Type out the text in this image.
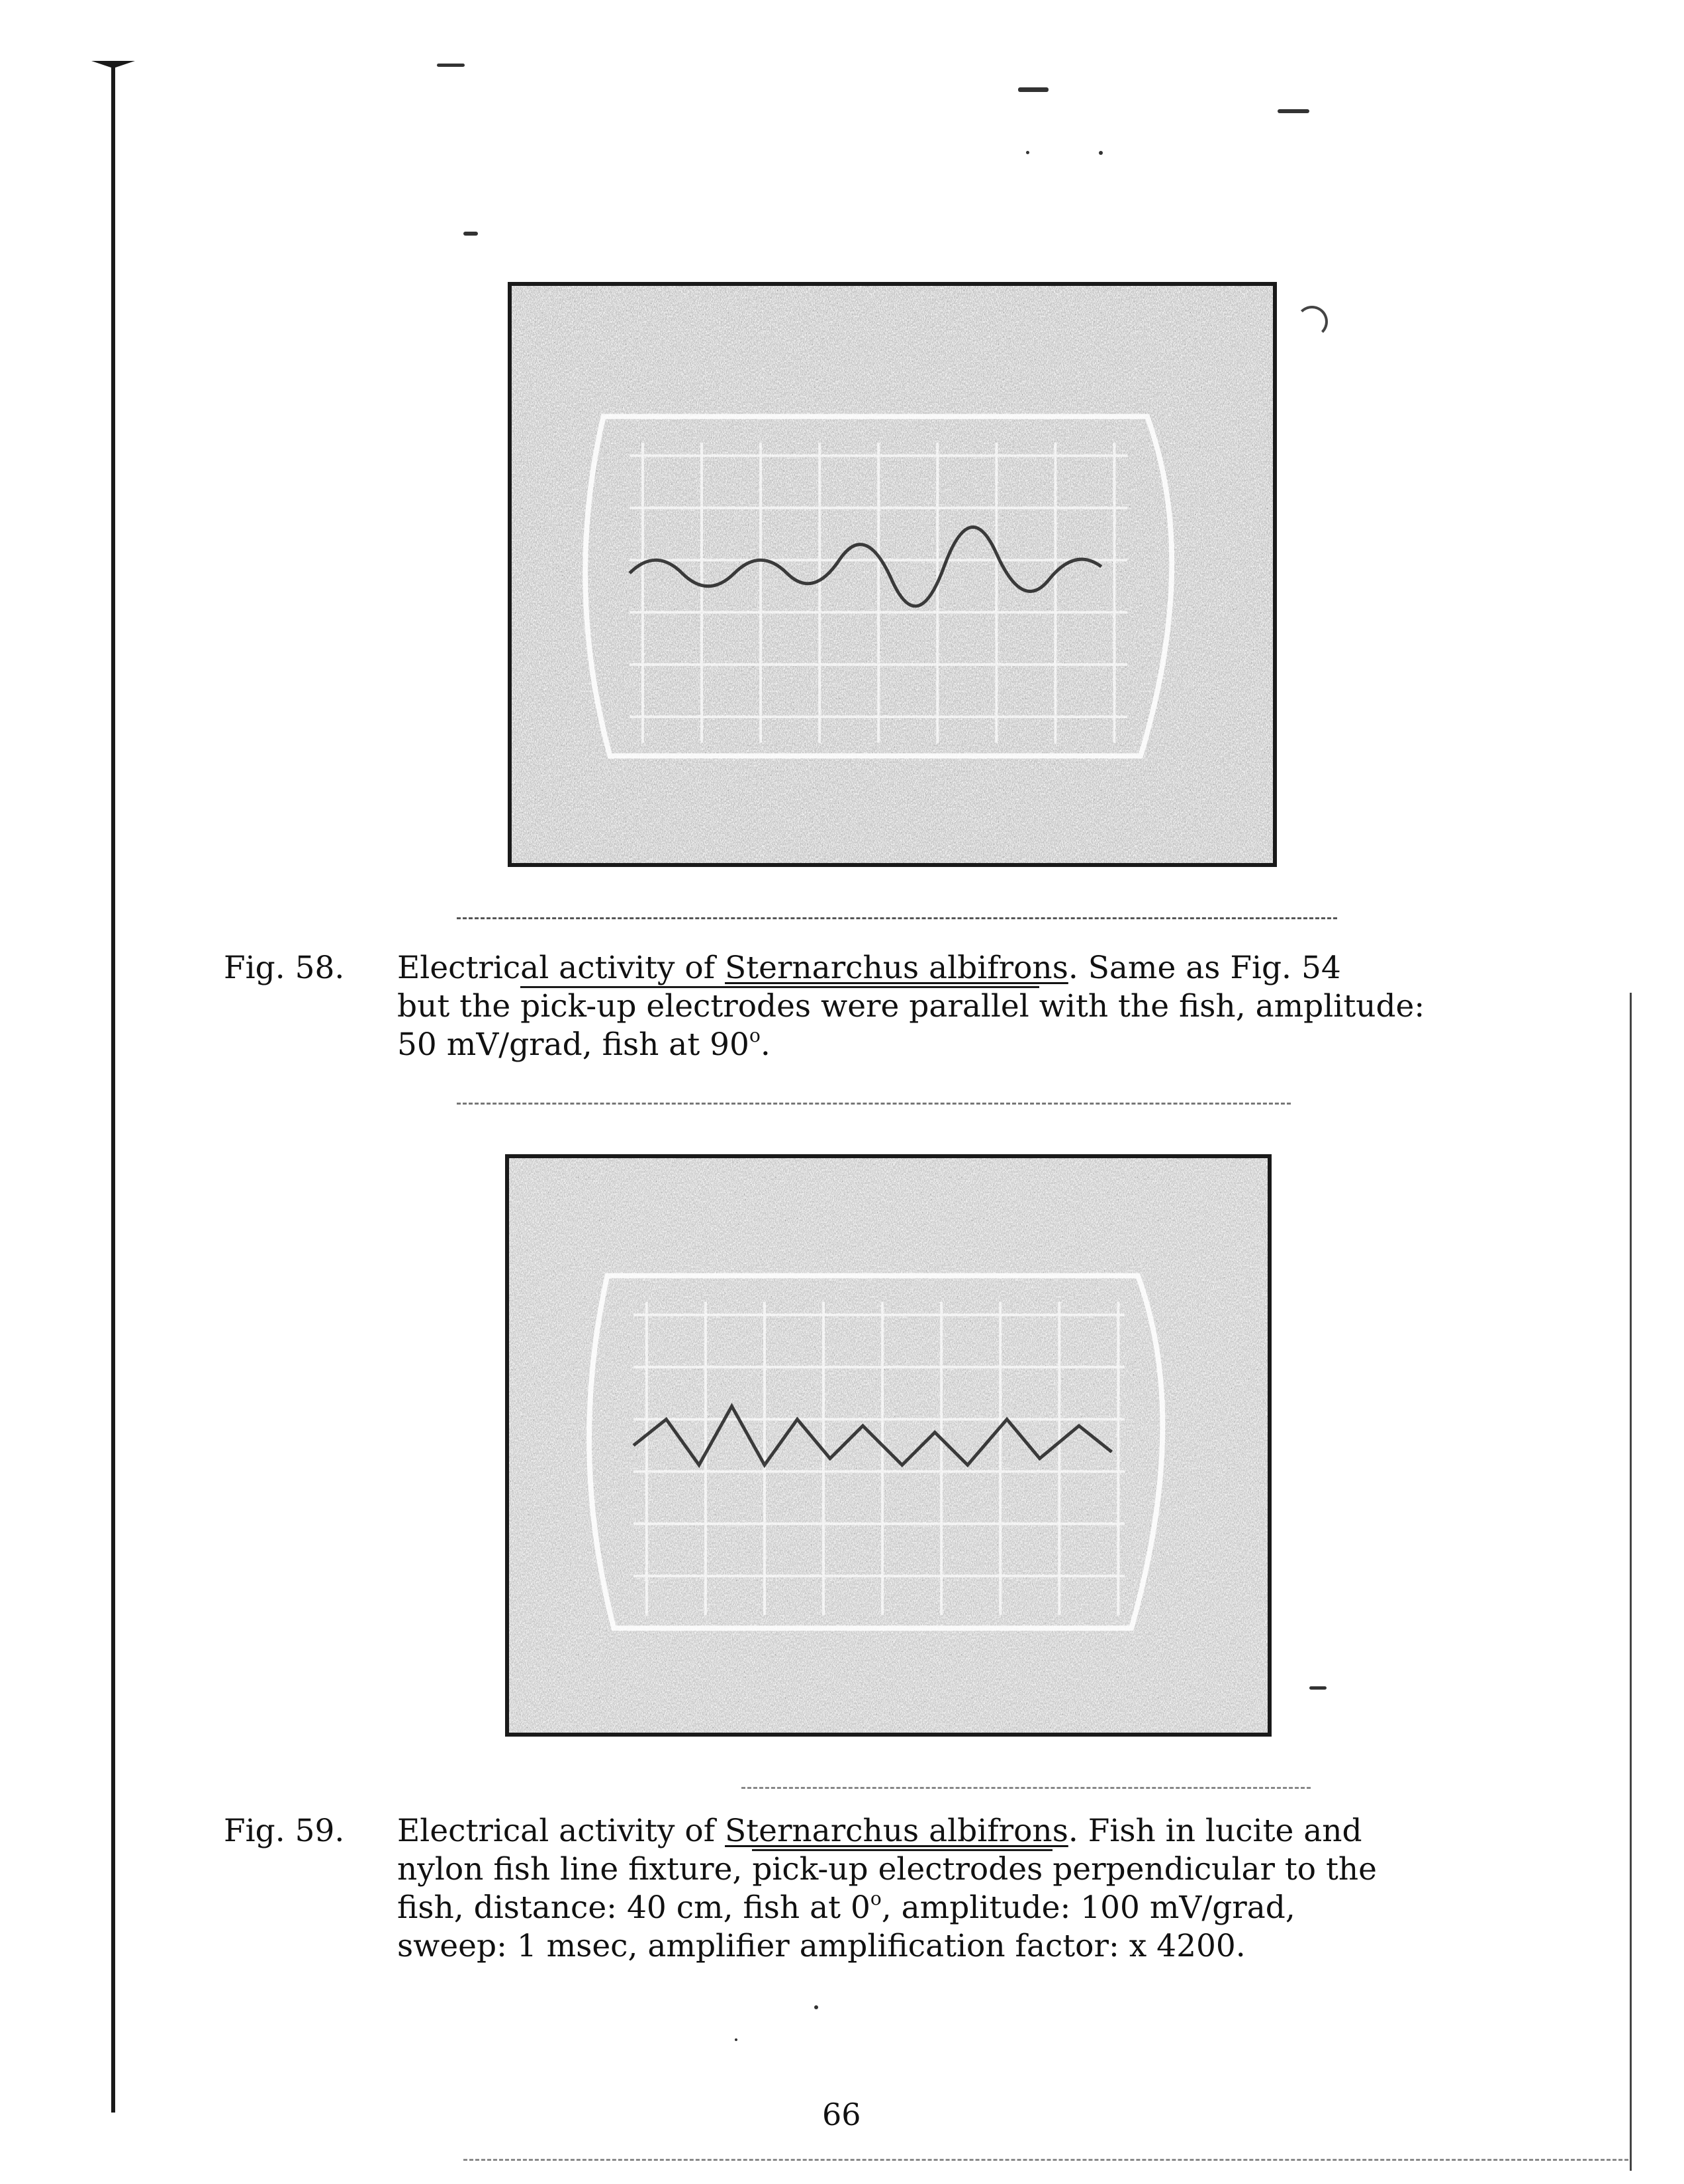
Fig. 58. Electrical activity of Sternarchus albifrons. Same as Fig. 54
but the pick-up electrodes were parallel with the fish, amplitude:
50 mV/grad, fish at 90$^o$.
Fig. 59. Electrical activity of Sternarchus albifrons. Fish in lucite and
nylon fish line fixture, pick-up electrodes perpendicular to the
fish, distance: 40 cm, fish at 0$^o$, amplitude: 100 mV/grad,
sweep: 1 msec, amplifier amplification factor: x 4200.
66
